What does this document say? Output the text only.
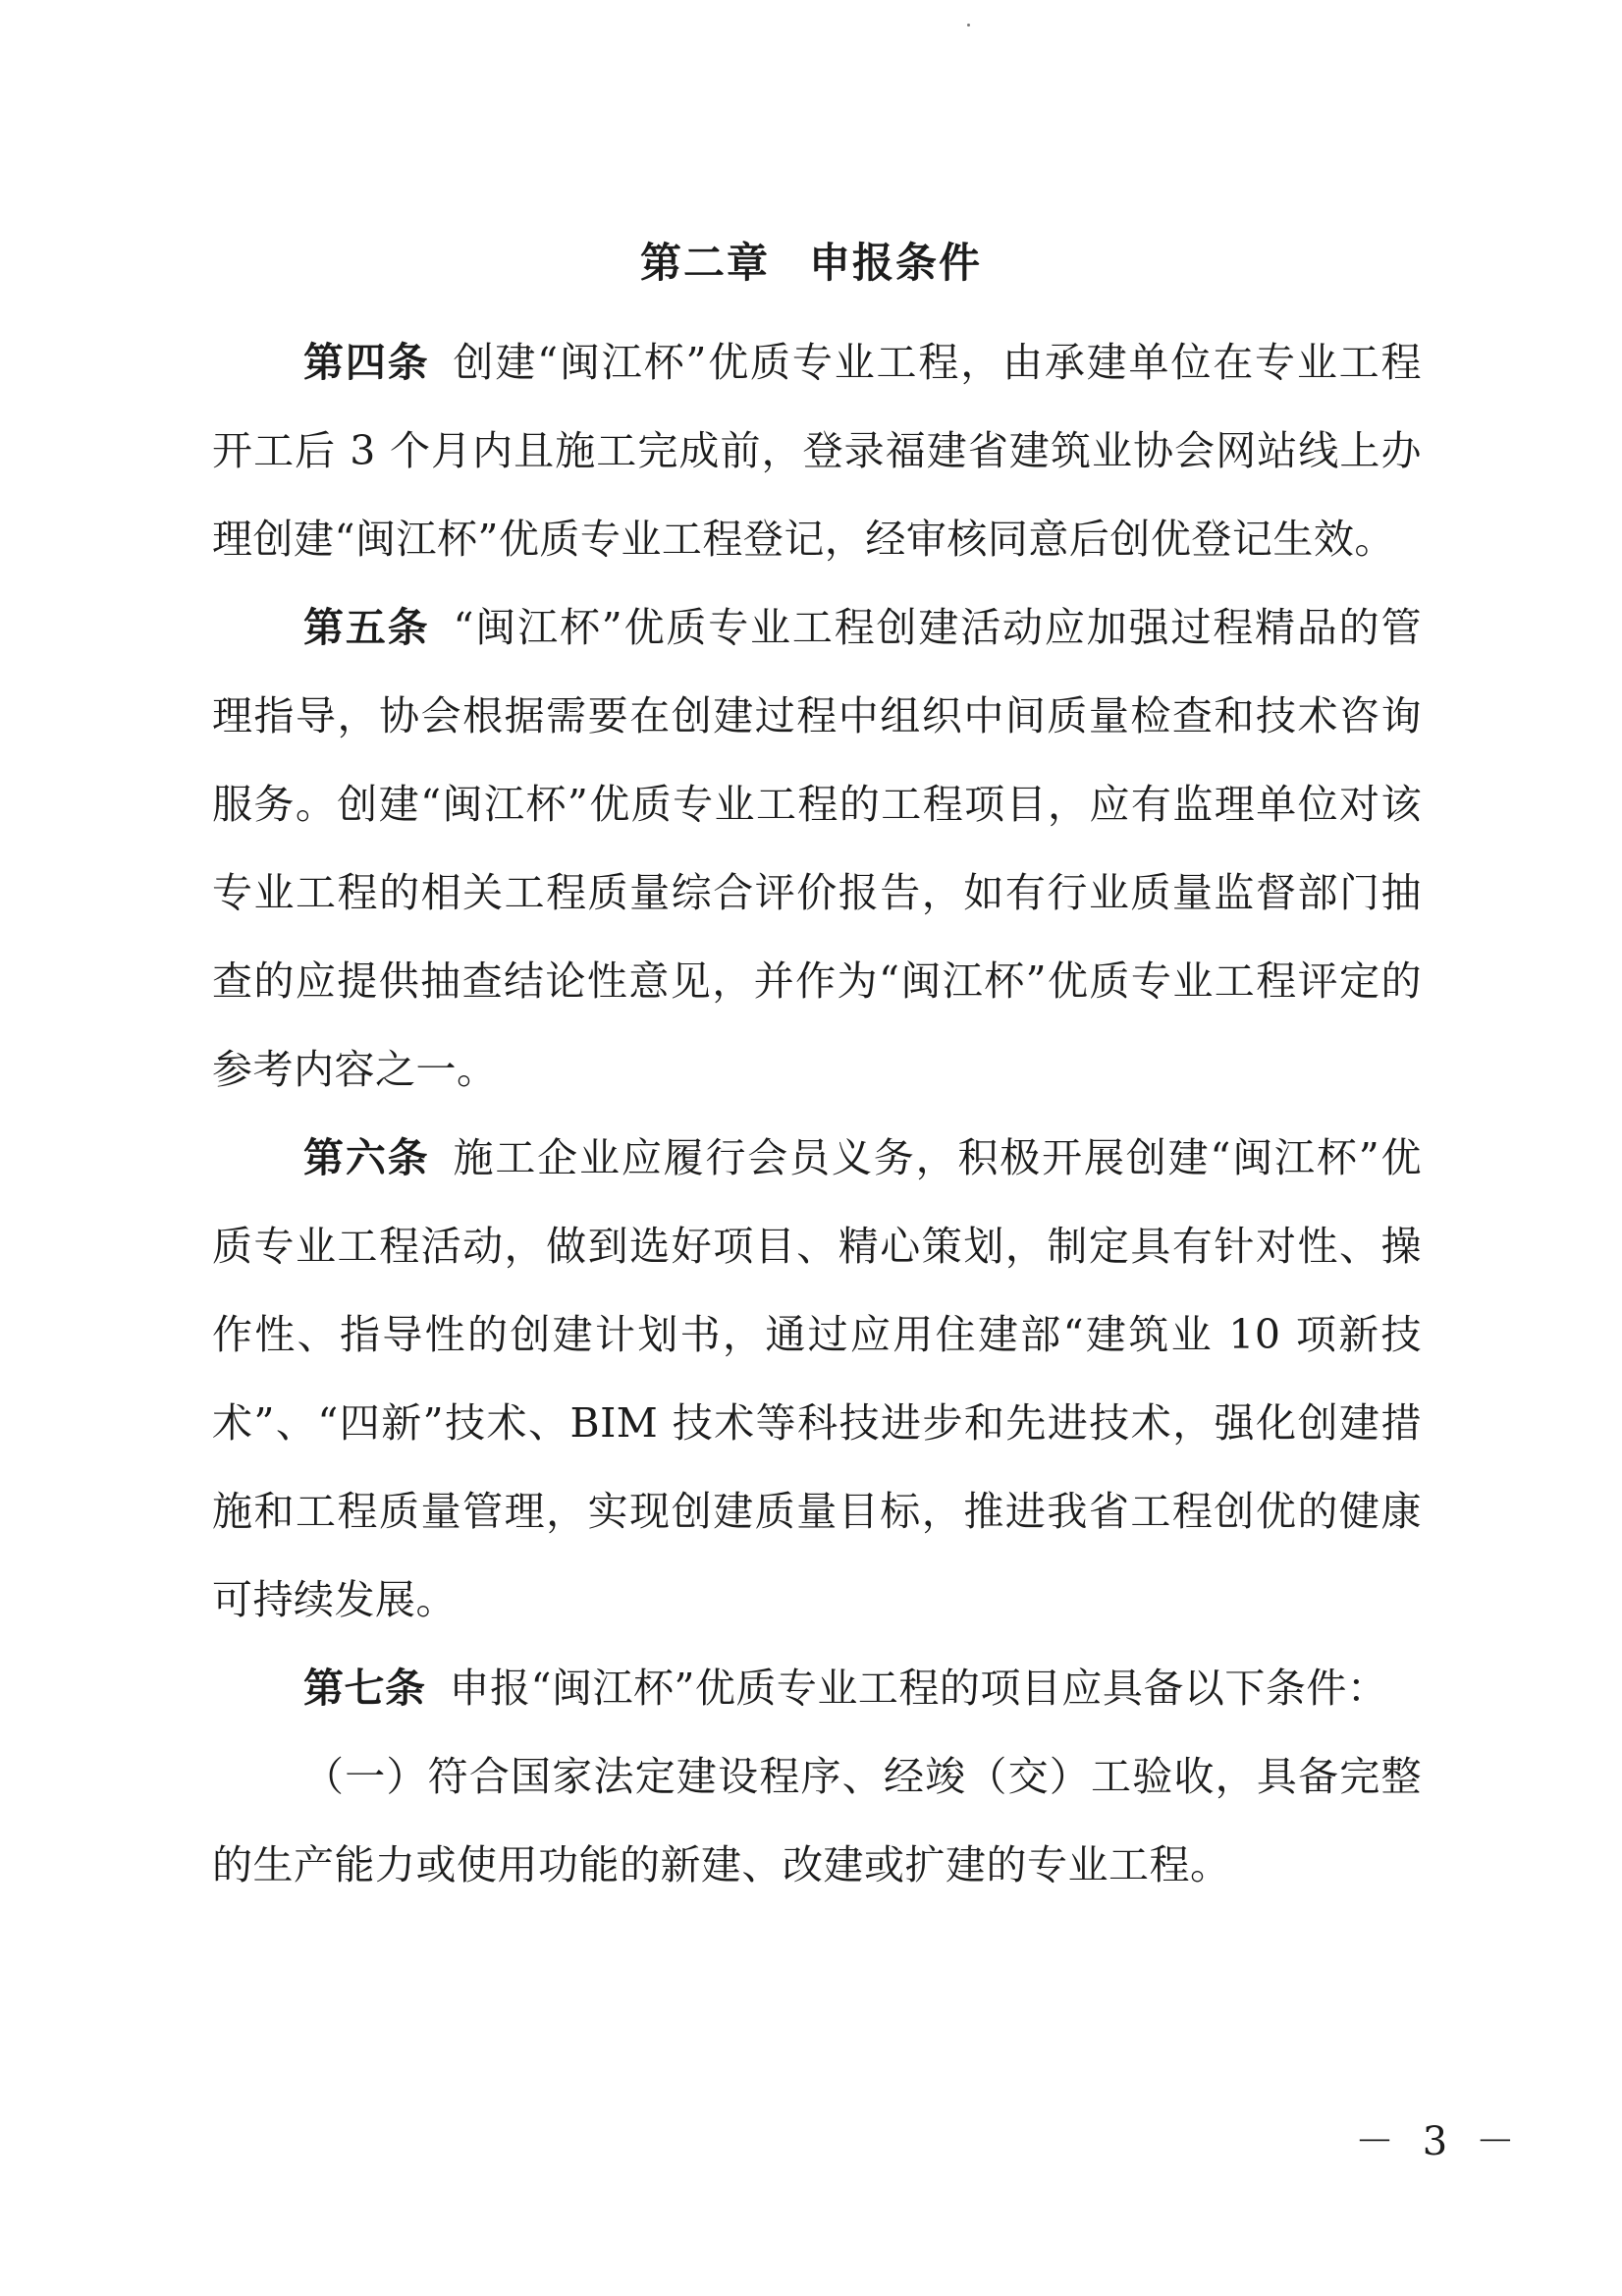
第二章 申报条件

第四条 创建“闽江杯”优质专业工程，由承建单位在专业工程开工后 3 个月内且施工完成前，登录福建省建筑业协会网站线上办理创建“闽江杯”优质专业工程登记，经审核同意后创优登记生效。

第五条 “闽江杯”优质专业工程创建活动应加强过程精品的管理指导，协会根据需要在创建过程中组织中间质量检查和技术咨询服务。创建“闽江杯”优质专业工程的工程项目，应有监理单位对该专业工程的相关工程质量综合评价报告，如有行业质量监督部门抽查的应提供抽查结论性意见，并作为“闽江杯”优质专业工程评定的参考内容之一。

第六条 施工企业应履行会员义务，积极开展创建“闽江杯”优质专业工程活动，做到选好项目、精心策划，制定具有针对性、操作性、指导性的创建计划书，通过应用住建部“建筑业 10 项新技术”、“四新”技术、BIM 技术等科技进步和先进技术，强化创建措施和工程质量管理，实现创建质量目标，推进我省工程创优的健康可持续发展。

第七条 申报“闽江杯”优质专业工程的项目应具备以下条件：

（一）符合国家法定建设程序、经竣（交）工验收，具备完整的生产能力或使用功能的新建、改建或扩建的专业工程。

－ 3 －
